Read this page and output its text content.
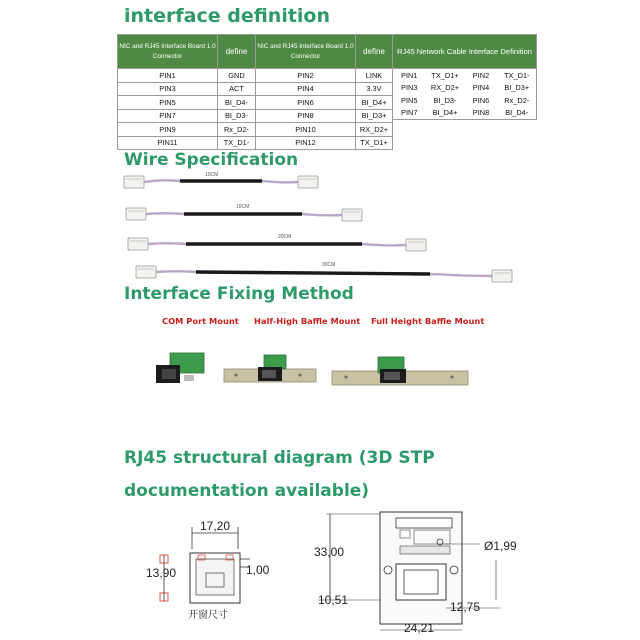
interface definition
Wire Specification
Interface Fixing Method
RJ45 structural diagram (3D STP documentation available)
NIC and RJ45 Interface Board 1.0 Connector	define	NIC and RJ45 Interface Board 1.0 Connector	define
PIN1	GND	PIN2	LINK
PIN3	ACT	PIN4	3.3V
PIN5	BI_D4-	PIN6	BI_D4+
PIN7	BI_D3-	PIN8	BI_D3+
PIN9	Rx_D2-	PIN10	RX_D2+
PIN11	TX_D1-	PIN12	TX_D1+
RJ45 Network Cable Interface Definition			
PIN1	TX_D1+	PIN2	TX_D1-
PIN3	RX_D2+	PIN4	BI_D3+
PIN5	BI_D3-	PIN6	Rx_D2-
PIN7	BI_D4+	PIN8	BI_D4-
10CM
15CM
20CM
30CM
COM Port Mount Half-High Baffle Mount Full Height Baffle Mount
17,20
13,90	1,00
开窗尺寸
33,00	Ø1,99
10,51	12,75
24,21
